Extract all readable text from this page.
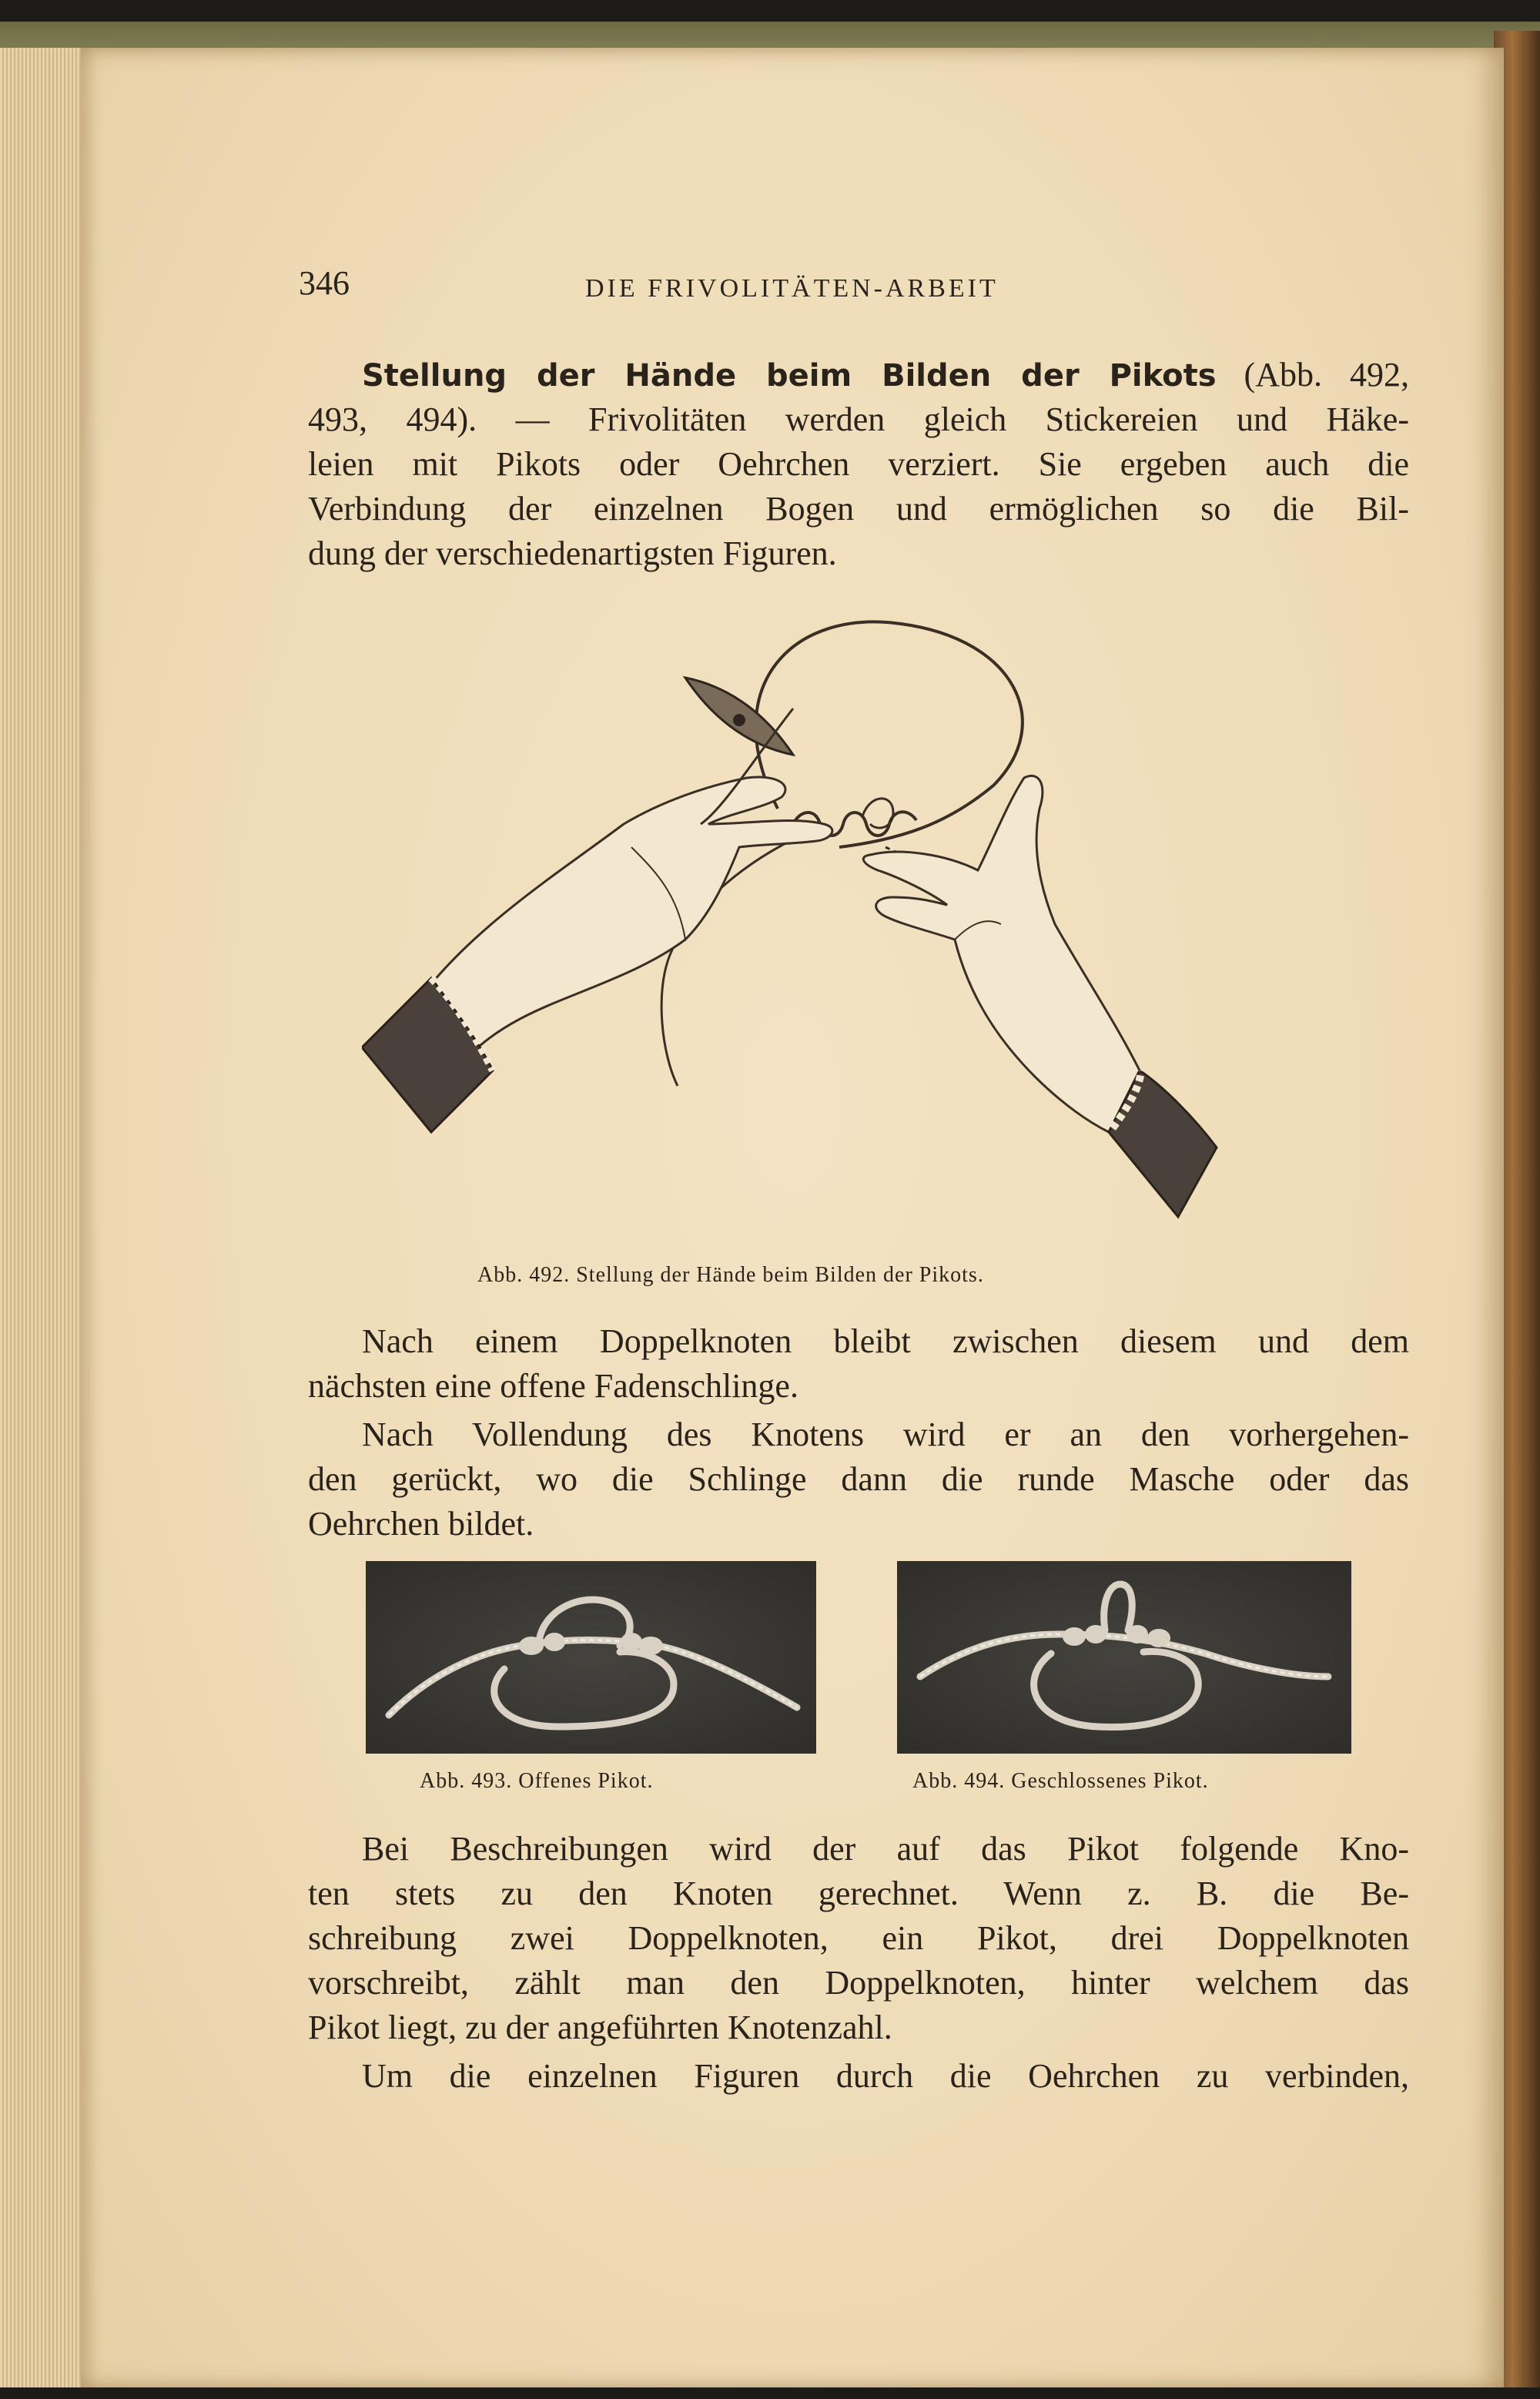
346	DIE FRIVOLITÄTEN-ARBEIT
Stellung der Hände beim Bilden der Pikots (Abb. 492,
493, 494). — Frivolitäten werden gleich Stickereien und Häke-
leien mit Pikots oder Oehrchen verziert. Sie ergeben auch die
Verbindung der einzelnen Bogen und ermöglichen so die Bil-
dung der verschiedenartigsten Figuren.
Abb. 492. Stellung der Hände beim Bilden der Pikots.
Nach einem Doppelknoten bleibt zwischen diesem und dem
nächsten eine offene Fadenschlinge.
Nach Vollendung des Knotens wird er an den vorhergehen-
den gerückt, wo die Schlinge dann die runde Masche oder das
Oehrchen bildet.
Abb. 493. Offenes Pikot.	Abb. 494. Geschlossenes Pikot.
Bei Beschreibungen wird der auf das Pikot folgende Kno-
ten stets zu den Knoten gerechnet. Wenn z. B. die Be-
schreibung zwei Doppelknoten, ein Pikot, drei Doppelknoten
vorschreibt, zählt man den Doppelknoten, hinter welchem das
Pikot liegt, zu der angeführten Knotenzahl.
Um die einzelnen Figuren durch die Oehrchen zu verbinden,
